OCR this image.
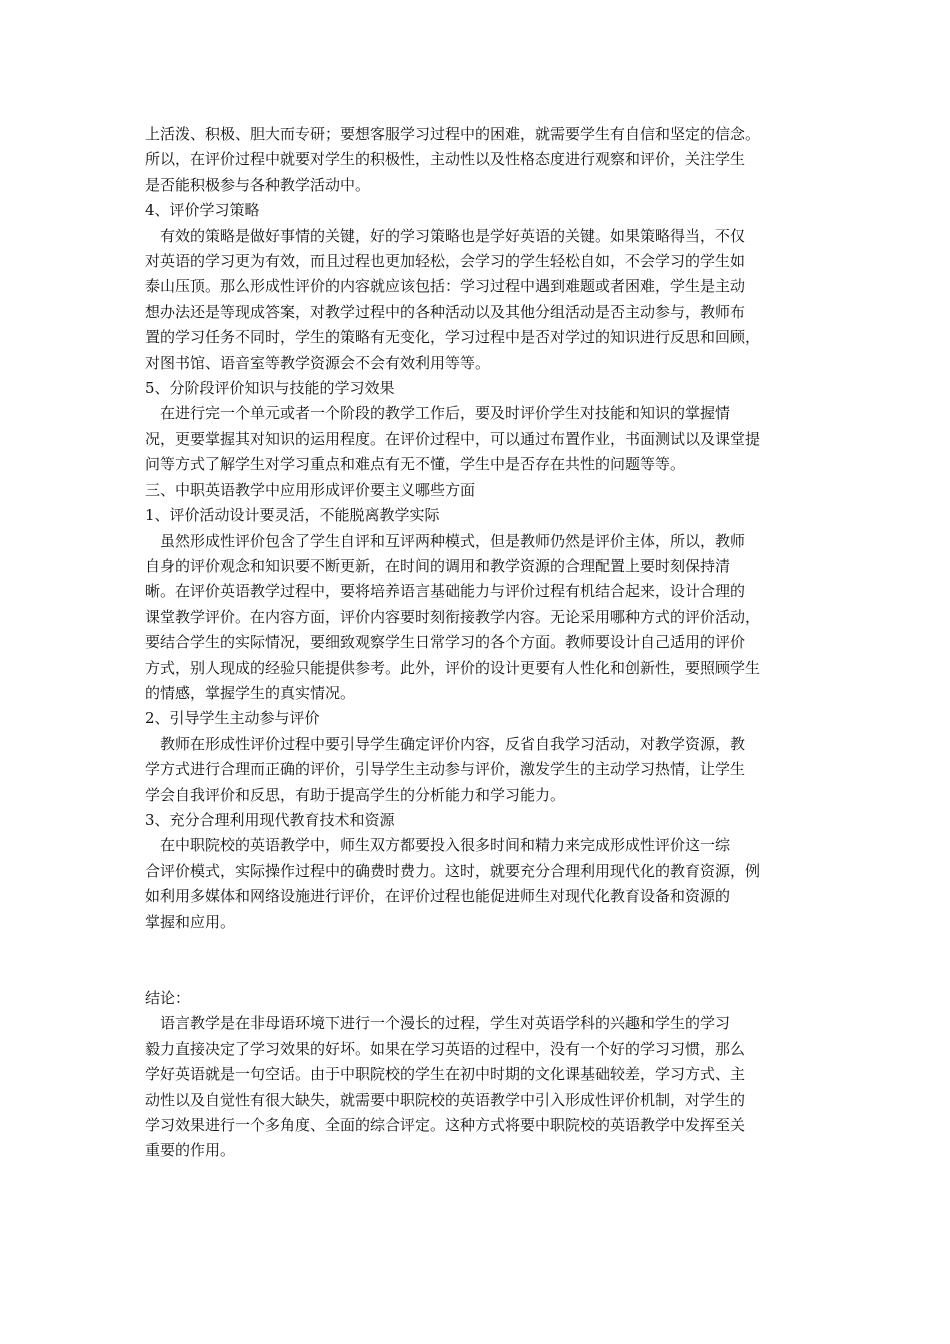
上活泼、积极、胆大而专研；要想客服学习过程中的困难，就需要学生有自信和坚定的信念。
所以，在评价过程中就要对学生的积极性，主动性以及性格态度进行观察和评价，关注学生
是否能积极参与各种教学活动中。
4、评价学习策略
　有效的策略是做好事情的关键，好的学习策略也是学好英语的关键。如果策略得当，不仅
对英语的学习更为有效，而且过程也更加轻松，会学习的学生轻松自如，不会学习的学生如
泰山压顶。那么形成性评价的内容就应该包括：学习过程中遇到难题或者困难，学生是主动
想办法还是等现成答案，对教学过程中的各种活动以及其他分组活动是否主动参与，教师布
置的学习任务不同时，学生的策略有无变化，学习过程中是否对学过的知识进行反思和回顾，
对图书馆、语音室等教学资源会不会有效利用等等。
5、分阶段评价知识与技能的学习效果
　在进行完一个单元或者一个阶段的教学工作后，要及时评价学生对技能和知识的掌握情
况，更要掌握其对知识的运用程度。在评价过程中，可以通过布置作业，书面测试以及课堂提
问等方式了解学生对学习重点和难点有无不懂，学生中是否存在共性的问题等等。
三、中职英语教学中应用形成评价要主义哪些方面
1、评价活动设计要灵活，不能脱离教学实际
　虽然形成性评价包含了学生自评和互评两种模式，但是教师仍然是评价主体，所以，教师
自身的评价观念和知识要不断更新，在时间的调用和教学资源的合理配置上要时刻保持清
晰。在评价英语教学过程中，要将培养语言基础能力与评价过程有机结合起来，设计合理的
课堂教学评价。在内容方面，评价内容要时刻衔接教学内容。无论采用哪种方式的评价活动，
要结合学生的实际情况，要细致观察学生日常学习的各个方面。教师要设计自己适用的评价
方式，别人现成的经验只能提供参考。此外，评价的设计更要有人性化和创新性，要照顾学生
的情感，掌握学生的真实情况。
2、引导学生主动参与评价
　教师在形成性评价过程中要引导学生确定评价内容，反省自我学习活动，对教学资源，教
学方式进行合理而正确的评价，引导学生主动参与评价，激发学生的主动学习热情，让学生
学会自我评价和反思，有助于提高学生的分析能力和学习能力。
3、充分合理利用现代教育技术和资源
　在中职院校的英语教学中，师生双方都要投入很多时间和精力来完成形成性评价这一综
合评价模式，实际操作过程中的确费时费力。这时，就要充分合理利用现代化的教育资源，例
如利用多媒体和网络设施进行评价，在评价过程也能促进师生对现代化教育设备和资源的
掌握和应用。
结论：
　语言教学是在非母语环境下进行一个漫长的过程，学生对英语学科的兴趣和学生的学习
毅力直接决定了学习效果的好坏。如果在学习英语的过程中，没有一个好的学习习惯，那么
学好英语就是一句空话。由于中职院校的学生在初中时期的文化课基础较差，学习方式、主
动性以及自觉性有很大缺失，就需要中职院校的英语教学中引入形成性评价机制，对学生的
学习效果进行一个多角度、全面的综合评定。这种方式将要中职院校的英语教学中发挥至关
重要的作用。
